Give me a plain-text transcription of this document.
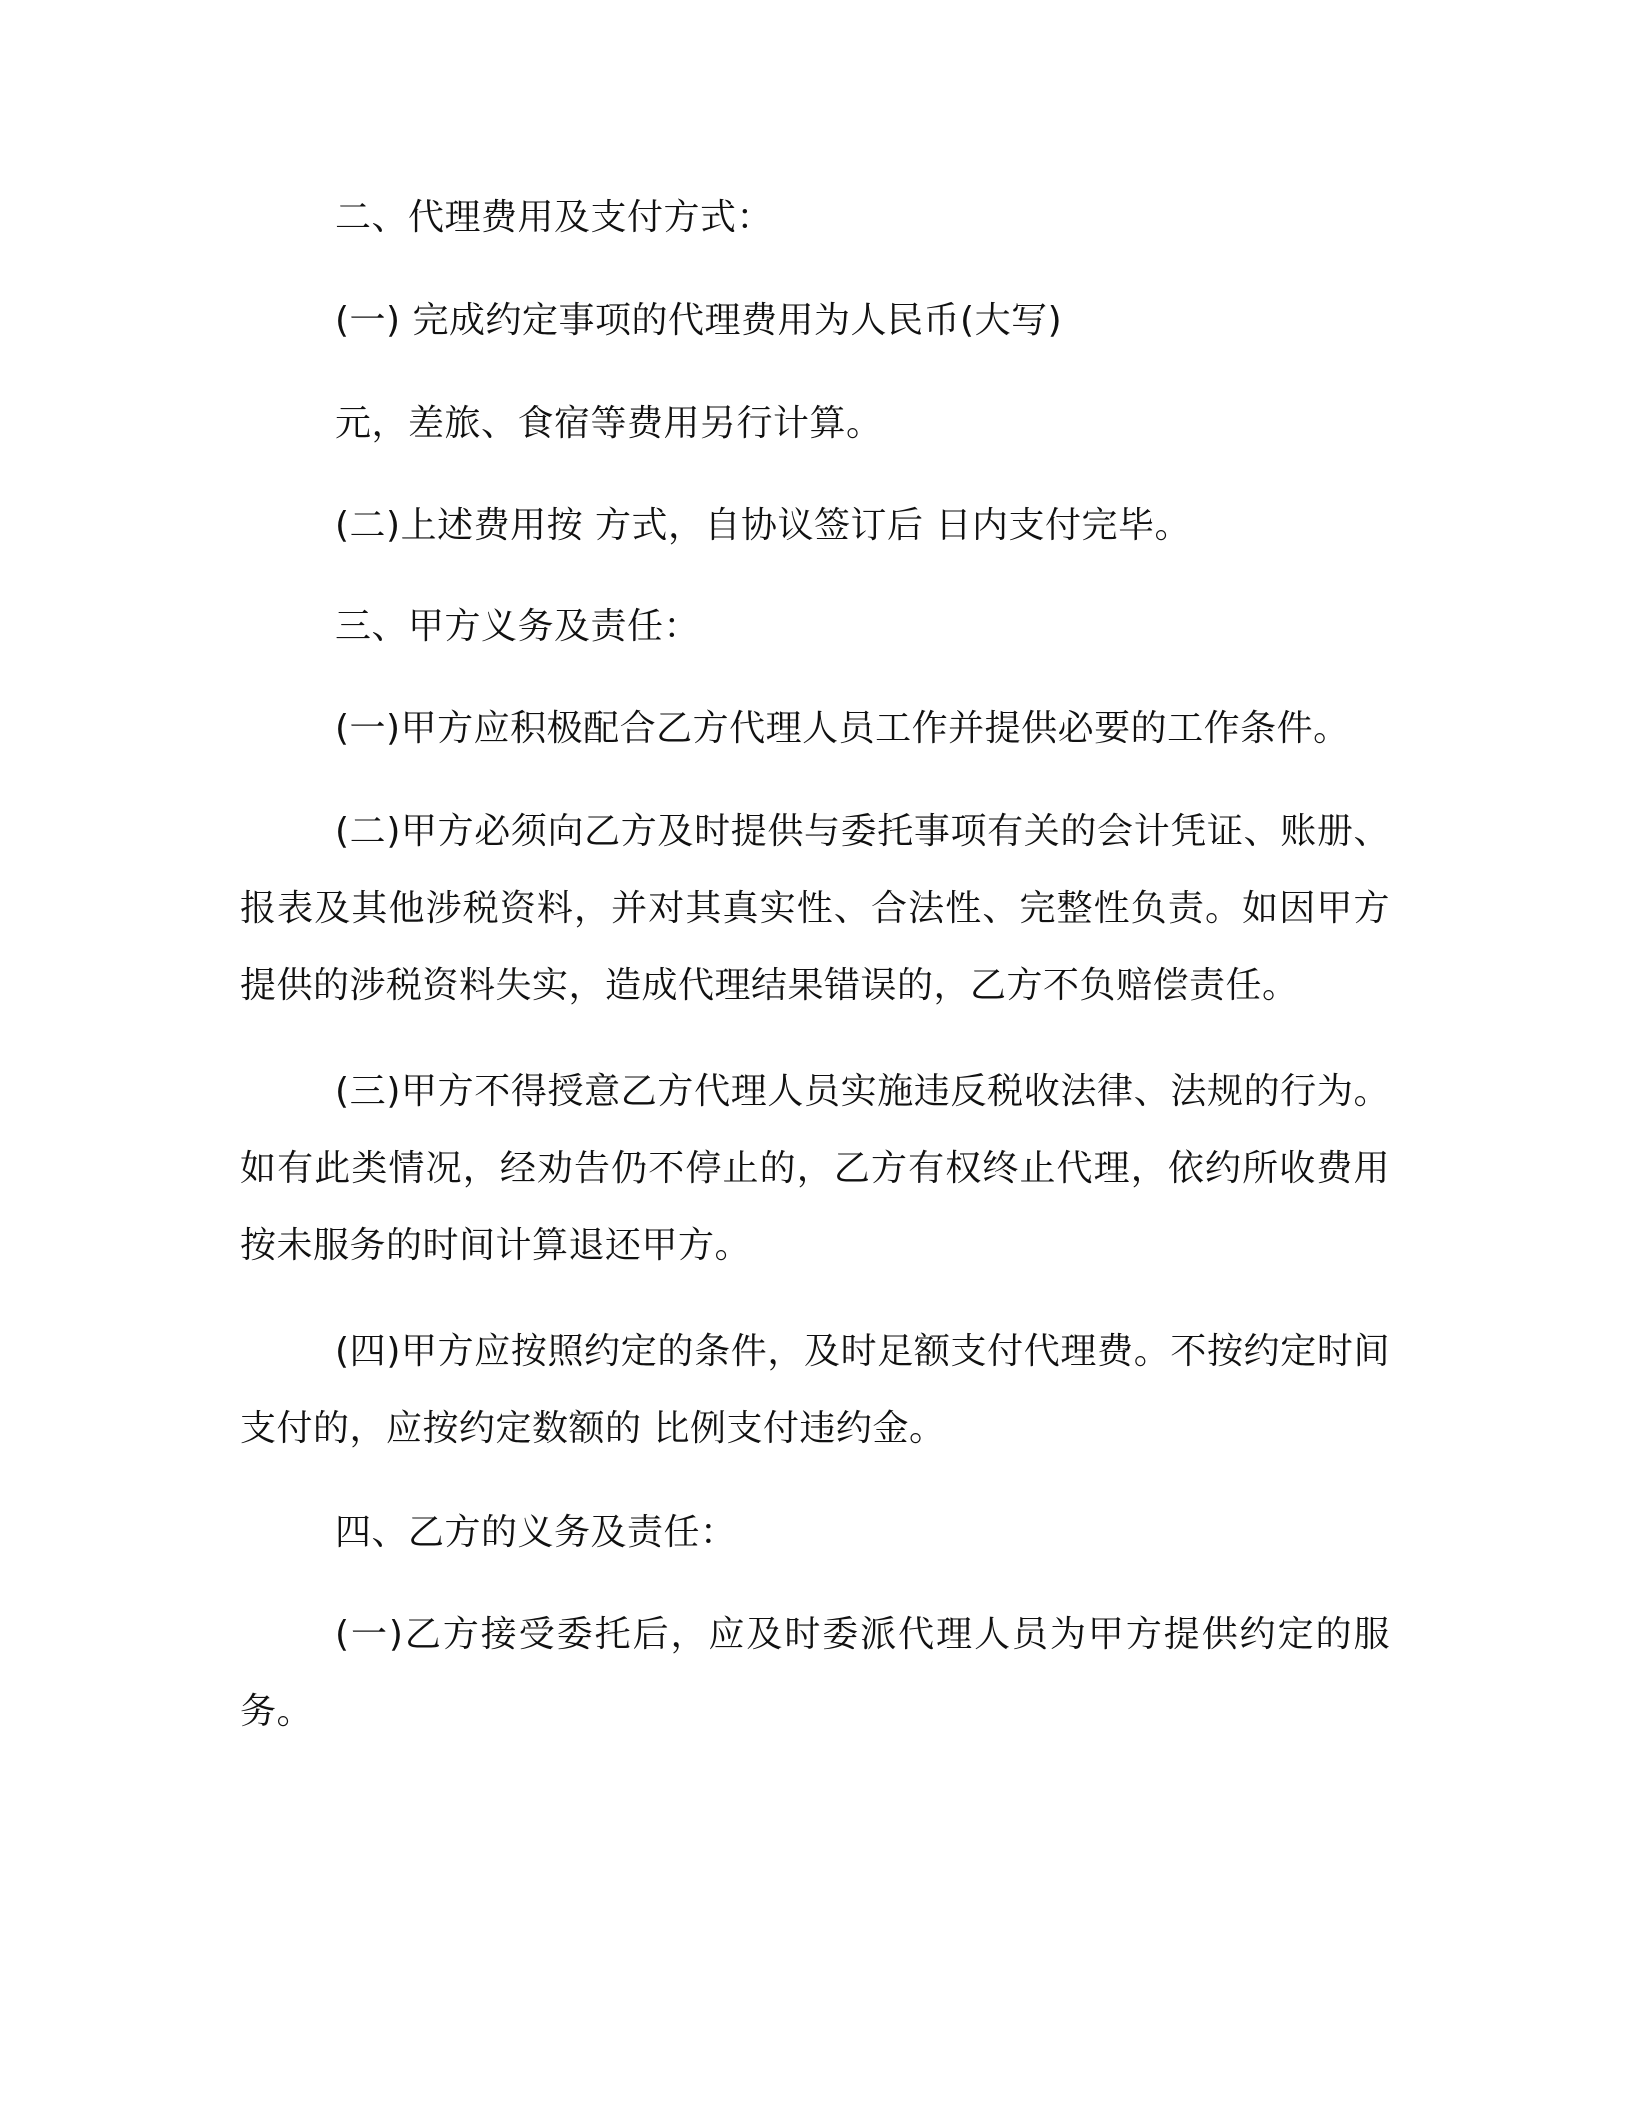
二、代理费用及支付方式：

(一) 完成约定事项的代理费用为人民币(大写)

元，差旅、食宿等费用另行计算。

(二)上述费用按 方式，自协议签订后 日内支付完毕。

三、甲方义务及责任：

(一)甲方应积极配合乙方代理人员工作并提供必要的工作条件。

(二)甲方必须向乙方及时提供与委托事项有关的会计凭证、账册、报表及其他涉税资料，并对其真实性、合法性、完整性负责。如因甲方提供的涉税资料失实，造成代理结果错误的，乙方不负赔偿责任。

(三)甲方不得授意乙方代理人员实施违反税收法律、法规的行为。如有此类情况，经劝告仍不停止的，乙方有权终止代理，依约所收费用按未服务的时间计算退还甲方。

(四)甲方应按照约定的条件，及时足额支付代理费。不按约定时间支付的，应按约定数额的 比例支付违约金。

四、乙方的义务及责任：

(一)乙方接受委托后，应及时委派代理人员为甲方提供约定的服务。
